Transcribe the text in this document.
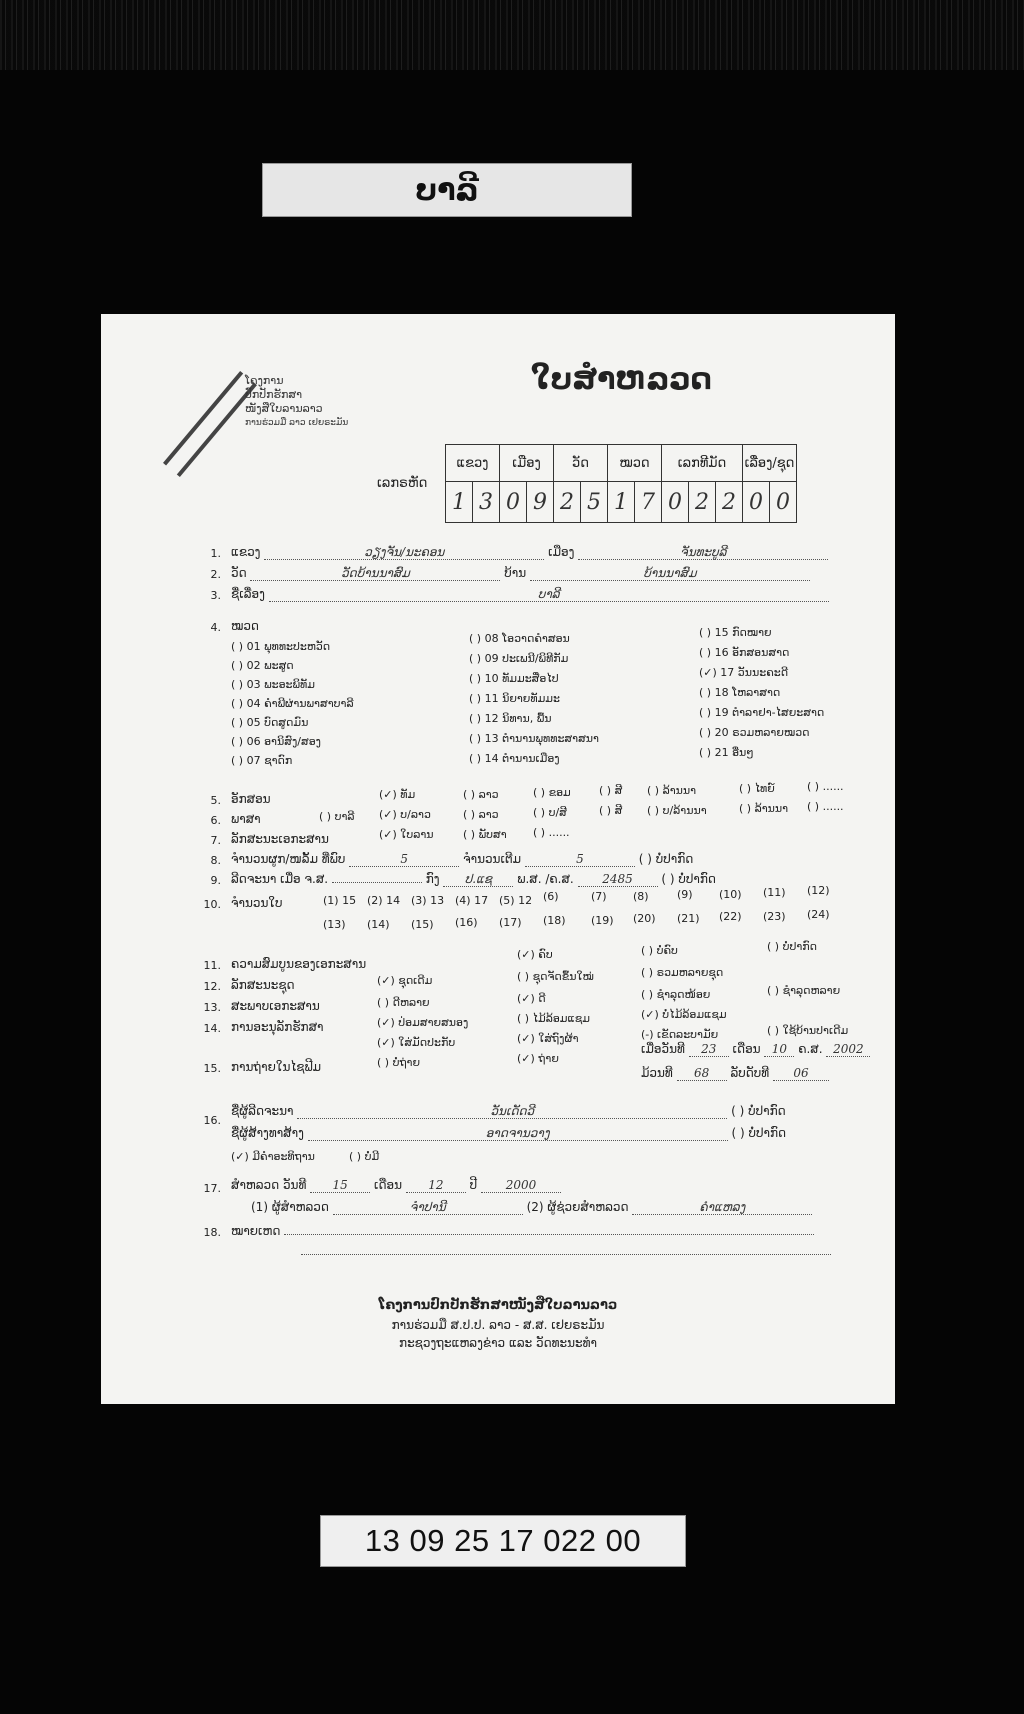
ບາລີ
ໂຄງການ
ປົກປັກຮັກສາ
ໜັງສືໃບລານລາວ
ການຮ່ວມມື ລາວ ເຢຍຣະມັນ
ໃບສຳຫລວດ
ເລກຣຫັດ
ແຂວງ		ເມືອງ		ວັດ		ໝວດ		ເລກທີມັດ			ເລື່ອງ/ຊຸດ	
1	3	0	9	2	5	1	7	0	2	2	0	0
1. ແຂວງ	ວຽງຈັນ/ນະຄອນ	ເມືອງ	ຈັນທະບູລີ
2. ວັດ	ວັດບ້ານນາສົມ	ບ້ານ	ບ້ານນາສົມ
3. ຊື່ເລື່ອງ	ບາລີ
4. ໝວດ
( ) 01 ພຸທທະປະຫວັດ
( ) 02 ພະສູດ
( ) 03 ພະອະພິທັມ
( ) 04 ຄຳພີຜ່ານພາສາບາລີ
( ) 05 ບົດສູດມົນ
( ) 06 ອານິສົງ/ສອງ
( ) 07 ຊາດົກ
( ) 08 ໂອວາດຄຳສອນ
( ) 09 ປະເພນີ/ພິທີກັມ
( ) 10 ທັມມະສື່ອໄປ
( ) 11 ນິຍາຍທັມມະ
( ) 12 ນິທານ, ພື້ນ
( ) 13 ຕຳນານພຸທທະສາສນາ
( ) 14 ຕຳນານເມືອງ
( ) 15 ກົດໝາຍ
( ) 16 ອັກສອນສາດ
(✓) 17 ວັນນະຄະດີ
( ) 18 ໂຫລາສາດ
( ) 19 ຕຳລາຢາ-ໄສຍະສາດ
( ) 20 ຣວມຫລາຍໝວດ
( ) 21 ອື່ນໆ
5. ອັກສອນ	(✓) ທັມ	( ) ລາວ	( ) ຂອມ	( ) ສີ ( ) ລ້ານນາ	( ) ໄທຍ໌	( ) ......
6. ພາສາ	( ) ບາລີ (✓) ບ/ລາວ	( ) ລາວ	( ) ບ/ສີ	( ) ສີ ( ) ບ/ລ້ານນາ	( ) ລ້ານນາ ( ) ......
7. ລັກສະນະເອກະສານ	(✓) ໃບລານ	( ) ພັບສາ ( ) ......
8. ຈຳນວນຜູກ/ໜລັ້ມ ທີ່ພົບ	5	ຈຳນວນເຕີມ	5	( ) ບໍ່ປາກົດ
9. ລີດຈະນາ ເມື່ອ ຈ.ສ.	ກົງ ປ.ແຊ ພ.ສ. /ຄ.ສ. 2485 ( ) ບໍ່ປາກົດ
10. ຈຳນວນໃບ	(1) 15 (2) 14 (3) 13 (4) 17 (5) 12 (6)	(7) (8)	(9) (10) (11) (12)
(13) (14) (15) (16) (17) (18) (19) (20) (21) (22) (23) (24)
11. ຄວາມສົມບູນຂອງເອກະສານ
(✓) ຄົບ	( ) ບໍ່ຄົບ	( ) ບໍ່ປາກົດ
12. ລັກສະນະຊຸດ	(✓) ຊຸດເດີມ	( ) ຊຸດຈັດຂຶ້ນໃໝ່	( ) ຣວມຫລາຍຊຸດ
13. ສະພາບເອກະສານ	( ) ດີຫລາຍ	(✓) ດີ	( ) ຊຳລຸດໜ້ອຍ	( ) ຊຳລຸດຫລາຍ
14. ການອະນຸລັກຮັກສາ	(✓) ປ່ອມສາຍສນອງ	( ) ໄມ້ລ້ອມແຊມ	(✓) ບໍ່ໄມ້ລ້ອມແຊມ
(✓) ໃສ່ມັດປະກັບ	(✓) ໃສ່ຖົງຜ້າ	(-) ເຂັດລະບາມັຍ	( ) ໃຊ້ບ້ານປາເດີມ
15. ການຖ່າຍໃນໄຊຟີມ	( ) ບໍ່ຖ່າຍ	(✓) ຖ່າຍ
ເມື່ອວັນທີ 23 ເດືອນ 10 ຄ.ສ. 2002
ມ້ວນທີ 68 ລັບດັບທີ 06
16.
ຊື່ຜູ້ລີດຈະນາ	ວັນເດັດວີ	( ) ບໍ່ປາກົດ
ຊື່ຜູ້ສ້າງທາສ້າງ	ອາດຈານວາງ	( ) ບໍ່ປາກົດ
(✓) ມີຄຳອະທິຖານ	( ) ບໍ່ມີ
17. ສຳຫລວດ ວັນທີ 15 ເດືອນ 12 ປີ 2000
(1) ຜູ້ສຳຫລວດ	ຈຳປານີ	(2) ຜູ້ຊ່ວຍສຳຫລວດ	ຄຳແຫລງ
18. ໝາຍເຫດ
ໂຄງການປົກປັກຮັກສາໜັງສືໃບລານລາວ
ການຮ່ວມມື ສ.ປ.ປ. ລາວ - ສ.ສ. ເຢຍຣະມັນ
ກະຊວງຖະແຫລງຂ່າວ ແລະ ວັດທະນະທຳ
13 09 25 17 022 00
